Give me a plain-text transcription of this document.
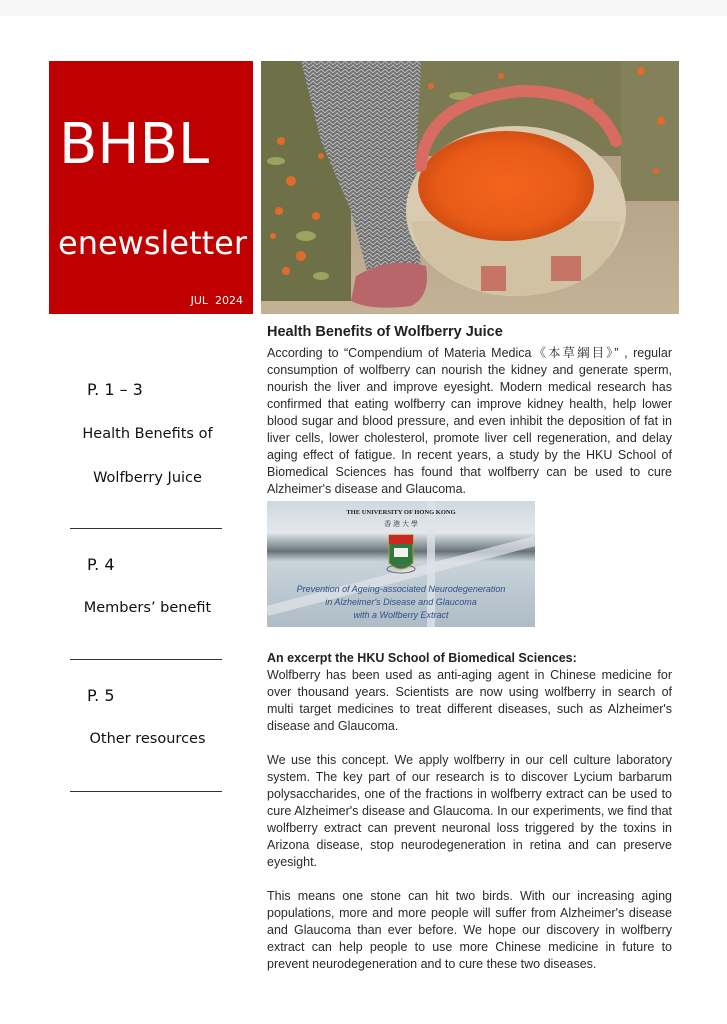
BHBL
enewsletter
JUL  2024
P. 1 – 3
Health Benefits of
Wolfberry Juice
P. 4
Members’ benefit
P. 5
Other resources
Health Benefits of Wolfberry Juice

According to “Compendium of Materia Medica《本草綱目》” , regular consumption of wolfberry can nourish the kidney and generate sperm, nourish the liver and improve eyesight. Modern medical research has confirmed that eating wolfberry can improve kidney health, help lower blood sugar and blood pressure, and even inhibit the deposition of fat in liver cells, lower cholesterol, promote liver cell regeneration, and delay aging effect of fatigue. In recent years, a study by the HKU School of Biomedical Sciences has found that wolfberry can be used to cure Alzheimer's disease and Glaucoma.

THE UNIVERSITY OF HONG KONG
香 港 大 學
Prevention of Ageing-associated Neurodegeneration
in Alzheimer's Disease and Glaucoma
with a Wolfberry Extract

An excerpt the HKU School of Biomedical Sciences:

Wolfberry has been used as anti-aging agent in Chinese medicine for over thousand years. Scientists are now using wolfberry in search of multi target medicines to treat different diseases, such as Alzheimer's disease and Glaucoma.

We use this concept. We apply wolfberry in our cell culture laboratory system. The key part of our research is to discover Lycium barbarum polysaccharides, one of the fractions in wolfberry extract can be used to cure Alzheimer's disease and Glaucoma. In our experiments, we find that wolfberry extract can prevent neuronal loss triggered by the toxins in Arizona disease, stop neurodegeneration in retina and can preserve eyesight.

This means one stone can hit two birds. With our increasing aging populations, more and more people will suffer from Alzheimer's disease and Glaucoma than ever before. We hope our discovery in wolfberry extract can help people to use more Chinese medicine in future to prevent neurodegeneration and to cure these two diseases.
